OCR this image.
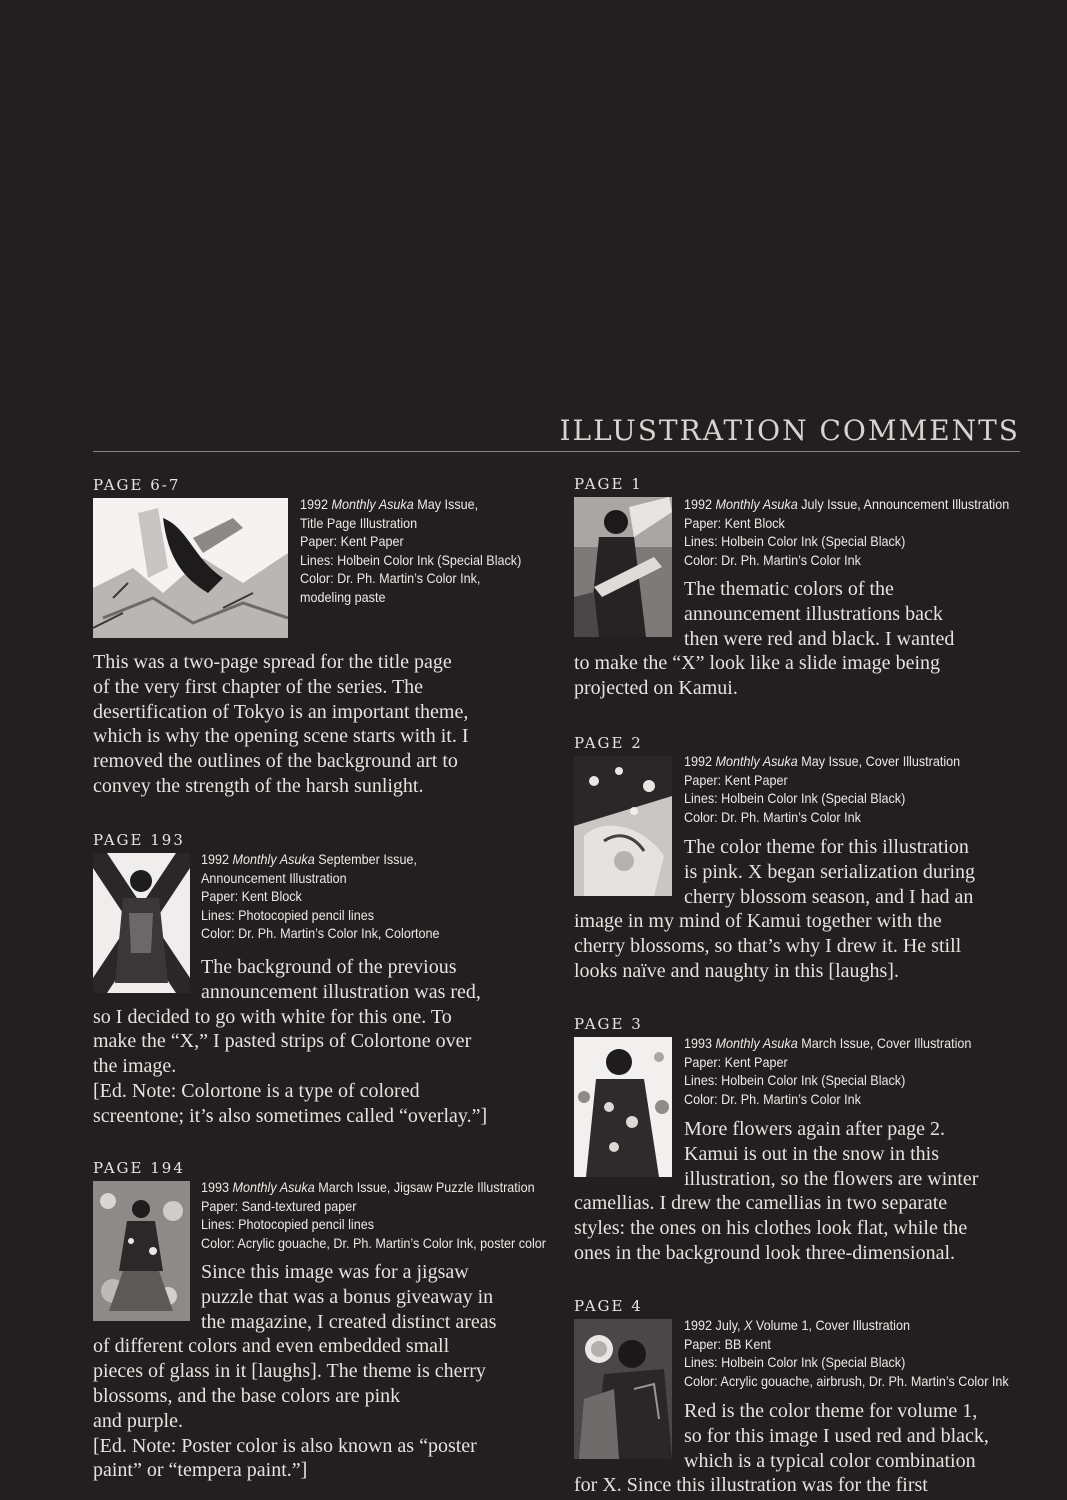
ILLUSTRATION COMMENTS
PAGE 6-7
1992 Monthly Asuka May Issue,
Title Page Illustration
Paper: Kent Paper
Lines: Holbein Color Ink (Special Black)
Color: Dr. Ph. Martin’s Color Ink,
modeling paste
This was a two-page spread for the title page
of the very first chapter of the series. The
desertification of Tokyo is an important theme,
which is why the opening scene starts with it. I
removed the outlines of the background art to
convey the strength of the harsh sunlight.
PAGE 193
1992 Monthly Asuka September Issue,
Announcement Illustration
Paper: Kent Block
Lines: Photocopied pencil lines
Color: Dr. Ph. Martin’s Color Ink, Colortone
The background of the previous
announcement illustration was red,
so I decided to go with white for this one. To
make the “X,” I pasted strips of Colortone over
the image.
[Ed. Note: Colortone is a type of colored
screentone; it’s also sometimes called “overlay.”]
PAGE 194
1993 Monthly Asuka March Issue, Jigsaw Puzzle Illustration
Paper: Sand-textured paper
Lines: Photocopied pencil lines
Color: Acrylic gouache, Dr. Ph. Martin’s Color Ink, poster color
Since this image was for a jigsaw
puzzle that was a bonus giveaway in
the magazine, I created distinct areas
of different colors and even embedded small
pieces of glass in it [laughs]. The theme is cherry
blossoms, and the base colors are pink
and purple.
[Ed. Note: Poster color is also known as “poster
paint” or “tempera paint.”]
PAGE 1
1992 Monthly Asuka July Issue, Announcement Illustration
Paper: Kent Block
Lines: Holbein Color Ink (Special Black)
Color: Dr. Ph. Martin’s Color Ink
The thematic colors of the
announcement illustrations back
then were red and black. I wanted
to make the “X” look like a slide image being
projected on Kamui.
PAGE 2
1992 Monthly Asuka May Issue, Cover Illustration
Paper: Kent Paper
Lines: Holbein Color Ink (Special Black)
Color: Dr. Ph. Martin’s Color Ink
The color theme for this illustration
is pink. X began serialization during
cherry blossom season, and I had an
image in my mind of Kamui together with the
cherry blossoms, so that’s why I drew it. He still
looks naïve and naughty in this [laughs].
PAGE 3
1993 Monthly Asuka March Issue, Cover Illustration
Paper: Kent Paper
Lines: Holbein Color Ink (Special Black)
Color: Dr. Ph. Martin’s Color Ink
More flowers again after page 2.
Kamui is out in the snow in this
illustration, so the flowers are winter
camellias. I drew the camellias in two separate
styles: the ones on his clothes look flat, while the
ones in the background look three-dimensional.
PAGE 4
1992 July, X Volume 1, Cover Illustration
Paper: BB Kent
Lines: Holbein Color Ink (Special Black)
Color: Acrylic gouache, airbrush, Dr. Ph. Martin’s Color Ink
Red is the color theme for volume 1,
so for this image I used red and black,
which is a typical color combination
for X. Since this illustration was for the first
